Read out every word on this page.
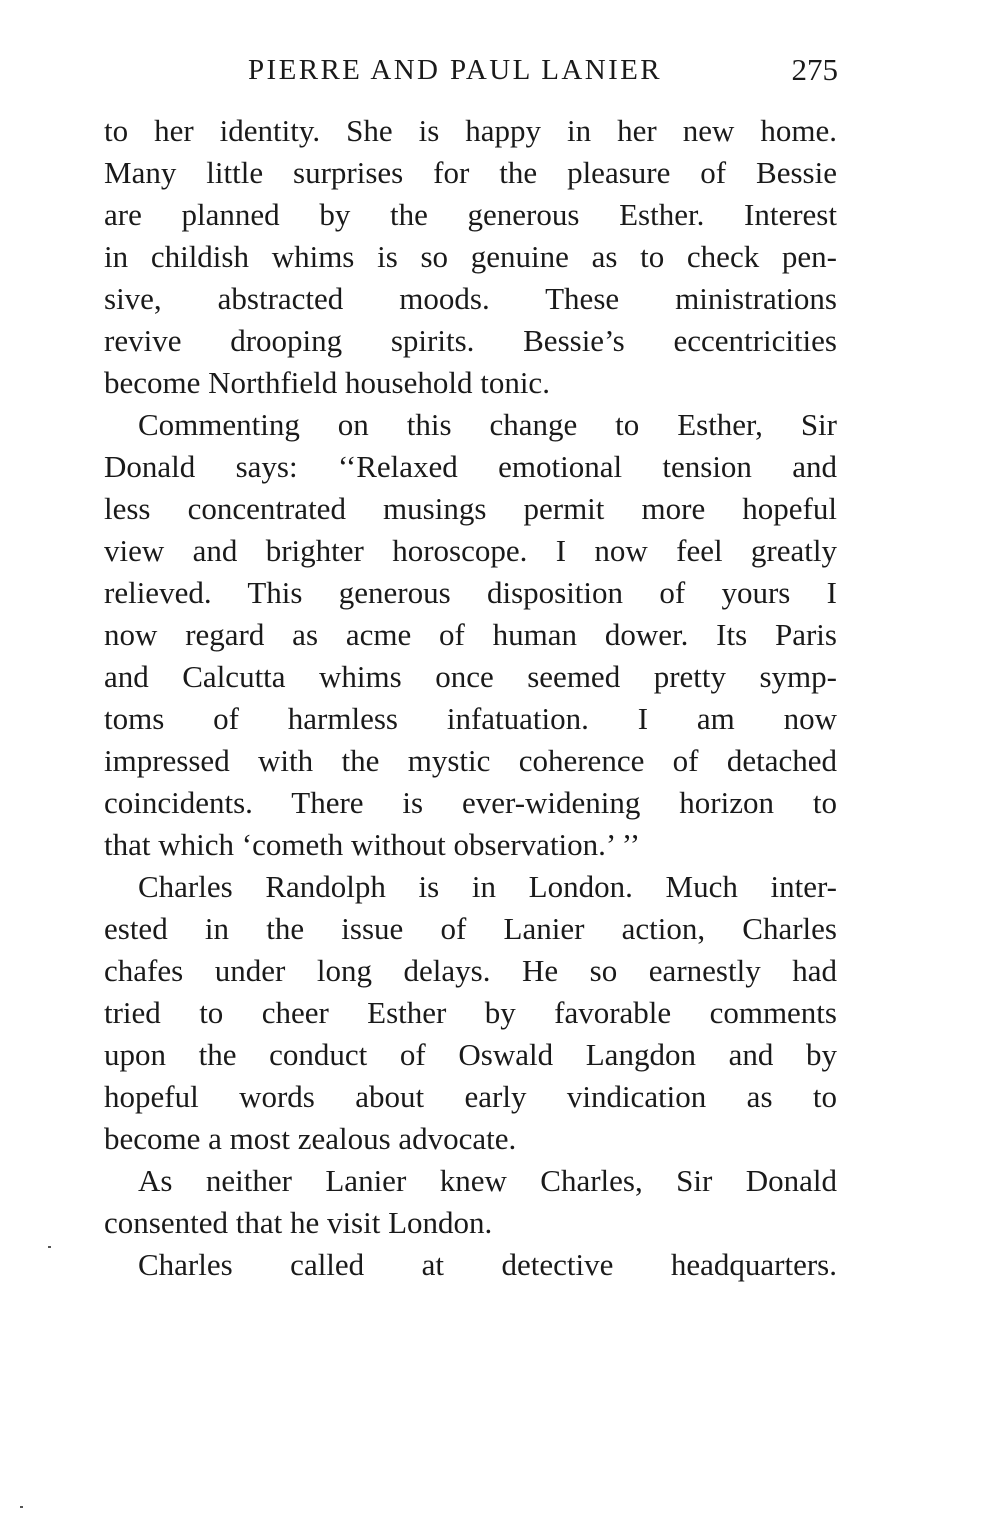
PIERRE AND PAUL LANIER	275
to her identity. She is happy in her new home.
Many little surprises for the pleasure of Bessie
are planned by the generous Esther. Interest
in childish whims is so genuine as to check pen-
sive, abstracted moods. These ministrations
revive drooping spirits. Bessie’s eccentricities
become Northfield household tonic.
Commenting on this change to Esther, Sir
Donald says: ‘‘Relaxed emotional tension and
less concentrated musings permit more hopeful
view and brighter horoscope. I now feel greatly
relieved. This generous disposition of yours I
now regard as acme of human dower. Its Paris
and Calcutta whims once seemed pretty symp-
toms of harmless infatuation. I am now
impressed with the mystic coherence of detached
coincidents. There is ever-widening horizon to
that which ‘cometh without observation.’ ’’
Charles Randolph is in London. Much inter-
ested in the issue of Lanier action, Charles
chafes under long delays. He so earnestly had
tried to cheer Esther by favorable comments
upon the conduct of Oswald Langdon and by
hopeful words about early vindication as to
become a most zealous advocate.
As neither Lanier knew Charles, Sir Donald
consented that he visit London.
Charles called at detective headquarters.
